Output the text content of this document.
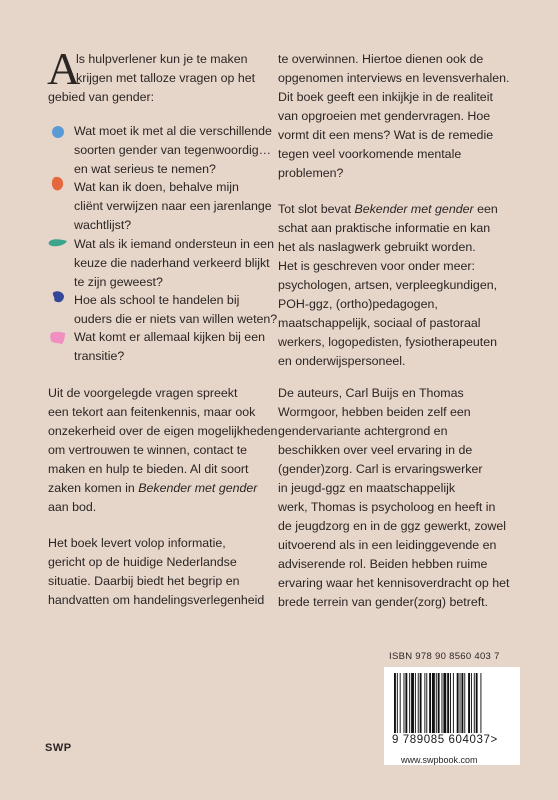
A
ls hulpverlener kun je te maken
krijgen met talloze vragen op het
gebied van gender:
Wat moet ik met al die verschillende
soorten gender van tegenwoordig…
en wat serieus te nemen?
Wat kan ik doen, behalve mijn
cliënt verwijzen naar een jarenlange
wachtlijst?
Wat als ik iemand ondersteun in een
keuze die naderhand verkeerd blijkt
te zijn geweest?
Hoe als school te handelen bij
ouders die er niets van willen weten?
Wat komt er allemaal kijken bij een
transitie?
Uit de voorgelegde vragen spreekt
een tekort aan feitenkennis, maar ook
onzekerheid over de eigen mogelijkheden
om vertrouwen te winnen, contact te
maken en hulp te bieden. Al dit soort
zaken komen in Bekender met gender
aan bod.
Het boek levert volop informatie,
gericht op de huidige Nederlandse
situatie. Daarbij biedt het begrip en
handvatten om handelingsverlegenheid
te overwinnen. Hiertoe dienen ook de
opgenomen interviews en levensverhalen.
Dit boek geeft een inkijkje in de realiteit
van opgroeien met gendervragen. Hoe
vormt dit een mens? Wat is de remedie
tegen veel voorkomende mentale
problemen?
Tot slot bevat Bekender met gender een
schat aan praktische informatie en kan
het als naslagwerk gebruikt worden.
Het is geschreven voor onder meer:
psychologen, artsen, verpleegkundigen,
POH-ggz, (ortho)pedagogen,
maatschappelijk, sociaal of pastoraal
werkers, logopedisten, fysiotherapeuten
en onderwijspersoneel.
De auteurs, Carl Buijs en Thomas
Wormgoor, hebben beiden zelf een
gendervariante achtergrond en
beschikken over veel ervaring in de
(gender)zorg. Carl is ervaringswerker
in jeugd-ggz en maatschappelijk
werk, Thomas is psycholoog en heeft in
de jeugdzorg en in de ggz gewerkt, zowel
uitvoerend als in een leidinggevende en
adviserende rol. Beiden hebben ruime
ervaring waar het kennisoverdracht op het
brede terrein van gender(zorg) betreft.
ISBN 978 90 8560 403 7
9 789085 604037>
www.swpbook.com
SWP
